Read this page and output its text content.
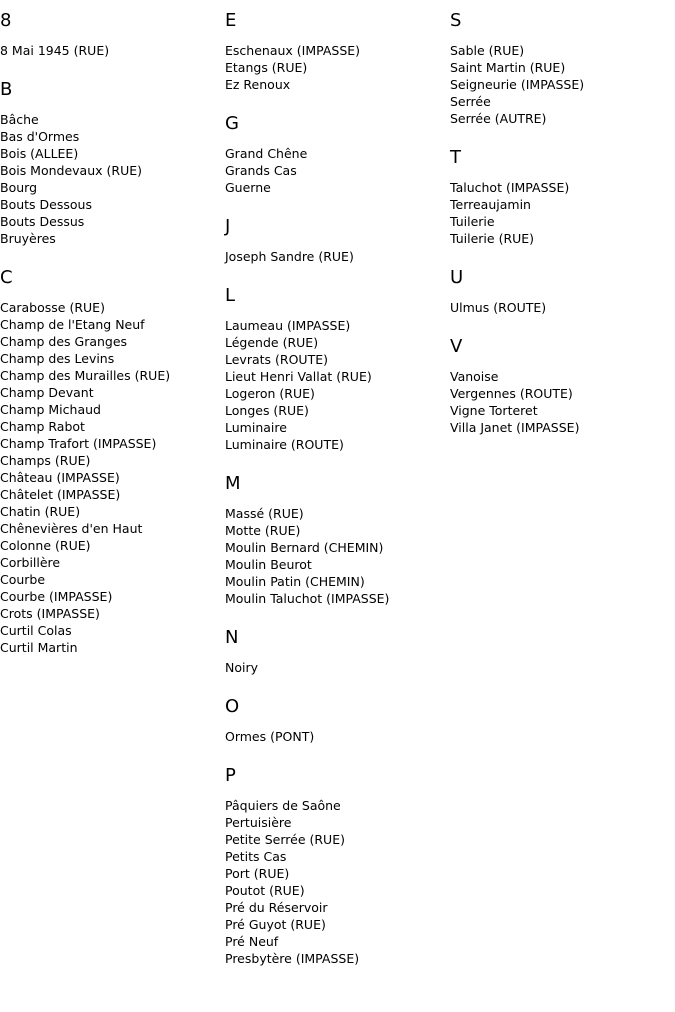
8
8 Mai 1945 (RUE)
B
Bâche
Bas d'Ormes
Bois (ALLEE)
Bois Mondevaux (RUE)
Bourg
Bouts Dessous
Bouts Dessus
Bruyères
C
Carabosse (RUE)
Champ de l'Etang Neuf
Champ des Granges
Champ des Levins
Champ des Murailles (RUE)
Champ Devant
Champ Michaud
Champ Rabot
Champ Trafort (IMPASSE)
Champs (RUE)
Château (IMPASSE)
Châtelet (IMPASSE)
Chatin (RUE)
Chênevières d'en Haut
Colonne (RUE)
Corbillère
Courbe
Courbe (IMPASSE)
Crots (IMPASSE)
Curtil Colas
Curtil Martin
E
Eschenaux (IMPASSE)
Etangs (RUE)
Ez Renoux
G
Grand Chêne
Grands Cas
Guerne
J
Joseph Sandre (RUE)
L
Laumeau (IMPASSE)
Légende (RUE)
Levrats (ROUTE)
Lieut Henri Vallat (RUE)
Logeron (RUE)
Longes (RUE)
Luminaire
Luminaire (ROUTE)
M
Massé (RUE)
Motte (RUE)
Moulin Bernard (CHEMIN)
Moulin Beurot
Moulin Patin (CHEMIN)
Moulin Taluchot (IMPASSE)
N
Noiry
O
Ormes (PONT)
P
Pâquiers de Saône
Pertuisière
Petite Serrée (RUE)
Petits Cas
Port (RUE)
Poutot (RUE)
Pré du Réservoir
Pré Guyot (RUE)
Pré Neuf
Presbytère (IMPASSE)
S
Sable (RUE)
Saint Martin (RUE)
Seigneurie (IMPASSE)
Serrée
Serrée (AUTRE)
T
Taluchot (IMPASSE)
Terreaujamin
Tuilerie
Tuilerie (RUE)
U
Ulmus (ROUTE)
V
Vanoise
Vergennes (ROUTE)
Vigne Torteret
Villa Janet (IMPASSE)
